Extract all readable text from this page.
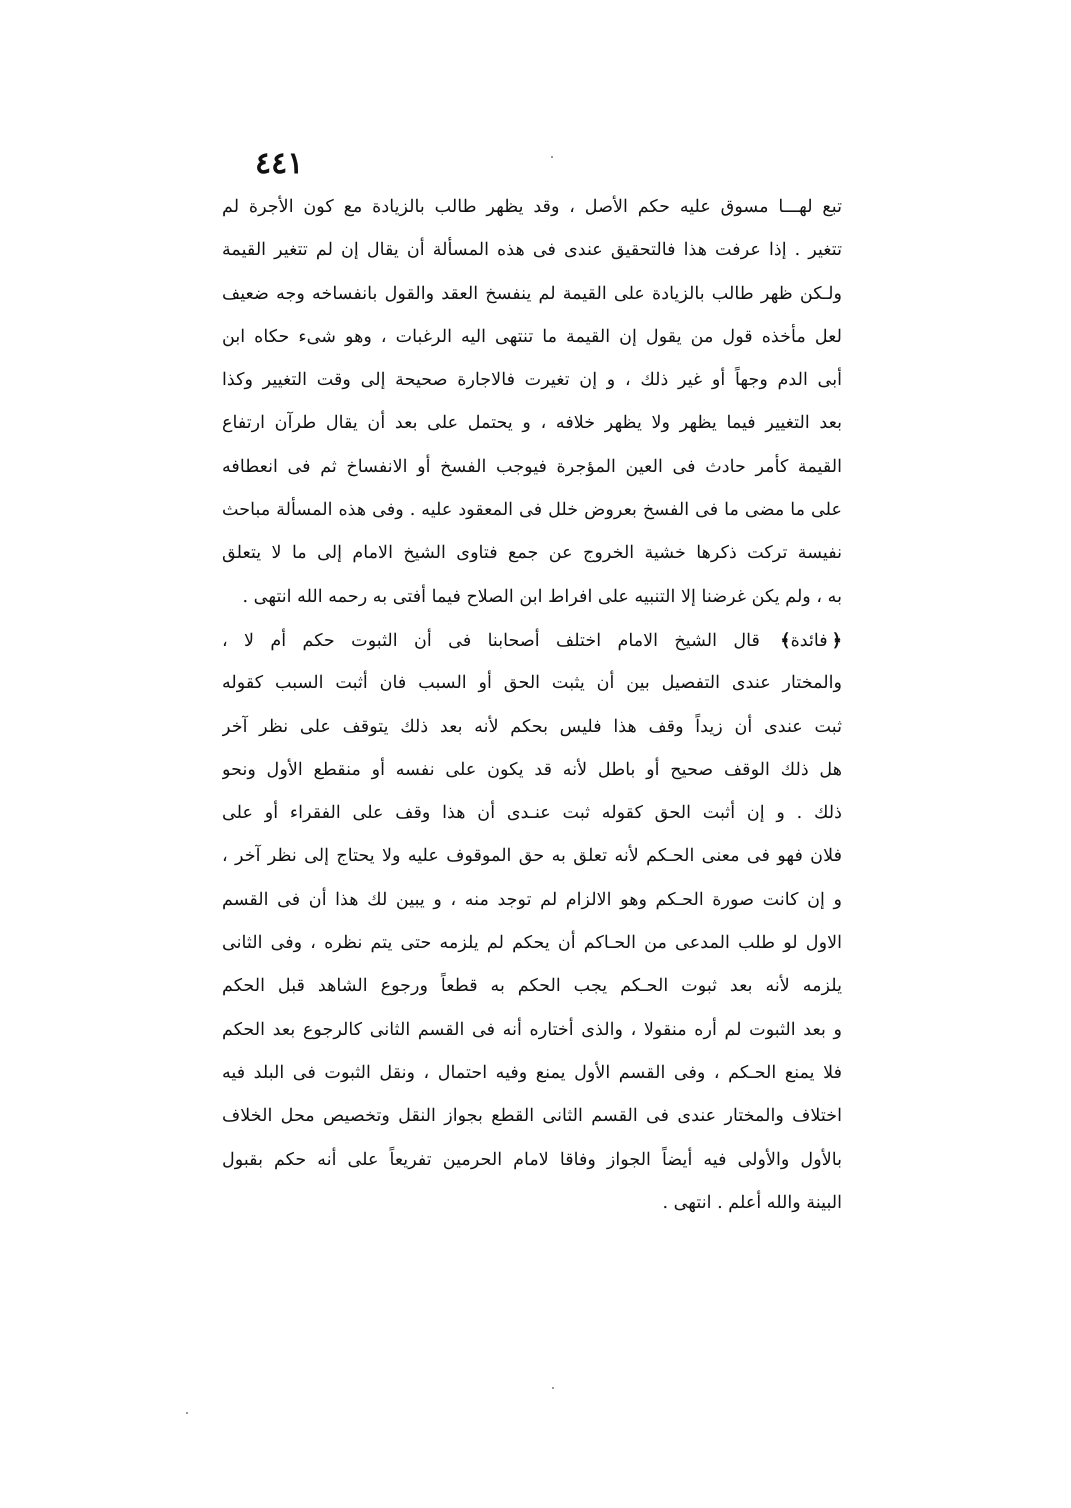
٤٤١
تبع لهـــا مسوق عليه حكم الأصل ، وقد يظهر طالب بالزيادة مع كون الأجرة لم
تتغير . إذا عرفت هذا فالتحقيق عندى فى هذه المسألة أن يقال إن لم تتغير القيمة
ولـكن ظهر طالب بالزيادة على القيمة لم ينفسخ العقد والقول بانفساخه وجه ضعيف
لعل مأخذه قول من يقول إن القيمة ما تنتهى اليه الرغبات ، وهو شىء حكاه ابن
أبى الدم وجهاً أو غير ذلك ، و إن تغيرت فالاجارة صحيحة إلى وقت التغيير وكذا
بعد التغيير فيما يظهر ولا يظهر خلافه ، و يحتمل على بعد أن يقال طرآن ارتفاع
القيمة كأمر حادث فى العين المؤجرة فيوجب الفسخ أو الانفساخ ثم فى انعطافه
على ما مضى ما فى الفسخ بعروض خلل فى المعقود عليه . وفى هذه المسألة مباحث
نفيسة تركت ذكرها خشية الخروج عن جمع فتاوى الشيخ الامام إلى ما لا يتعلق
به ، ولم يكن غرضنا إلا التنبيه على افراط ابن الصلاح فيما أفتى به رحمه الله انتهى .
﴿فائدة﴾ قال الشيخ الامام اختلف أصحابنا فى أن الثبوت حكم أم لا ،
والمختار عندى التفصيل بين أن يثبت الحق أو السبب فان أثبت السبب كقوله
ثبت عندى أن زيداً وقف هذا فليس بحكم لأنه بعد ذلك يتوقف على نظر آخر
هل ذلك الوقف صحيح أو باطل لأنه قد يكون على نفسه أو منقطع الأول ونحو
ذلك . و إن أثبت الحق كقوله ثبت عنـدى أن هذا وقف على الفقراء أو على
فلان فهو فى معنى الحـكم لأنه تعلق به حق الموقوف عليه ولا يحتاج إلى نظر آخر ،
و إن كانت صورة الحـكم وهو الالزام لم توجد منه ، و يبين لك هذا أن فى القسم
الاول لو طلب المدعى من الحـاكم أن يحكم لم يلزمه حتى يتم نظره ، وفى الثانى
يلزمه لأنه بعد ثبوت الحـكم يجب الحكم به قطعاً ورجوع الشاهد قبل الحكم
و بعد الثبوت لم أره منقولا ، والذى أختاره أنه فى القسم الثانى كالرجوع بعد الحكم
فلا يمنع الحـكم ، وفى القسم الأول يمنع وفيه احتمال ، ونقل الثبوت فى البلد فيه
اختلاف والمختار عندى فى القسم الثانى القطع بجواز النقل وتخصيص محل الخلاف
بالأول والأولى فيه أيضاً الجواز وفاقا لامام الحرمين تفريعاً على أنه حكم بقبول
البينة والله أعلم . انتهى .
